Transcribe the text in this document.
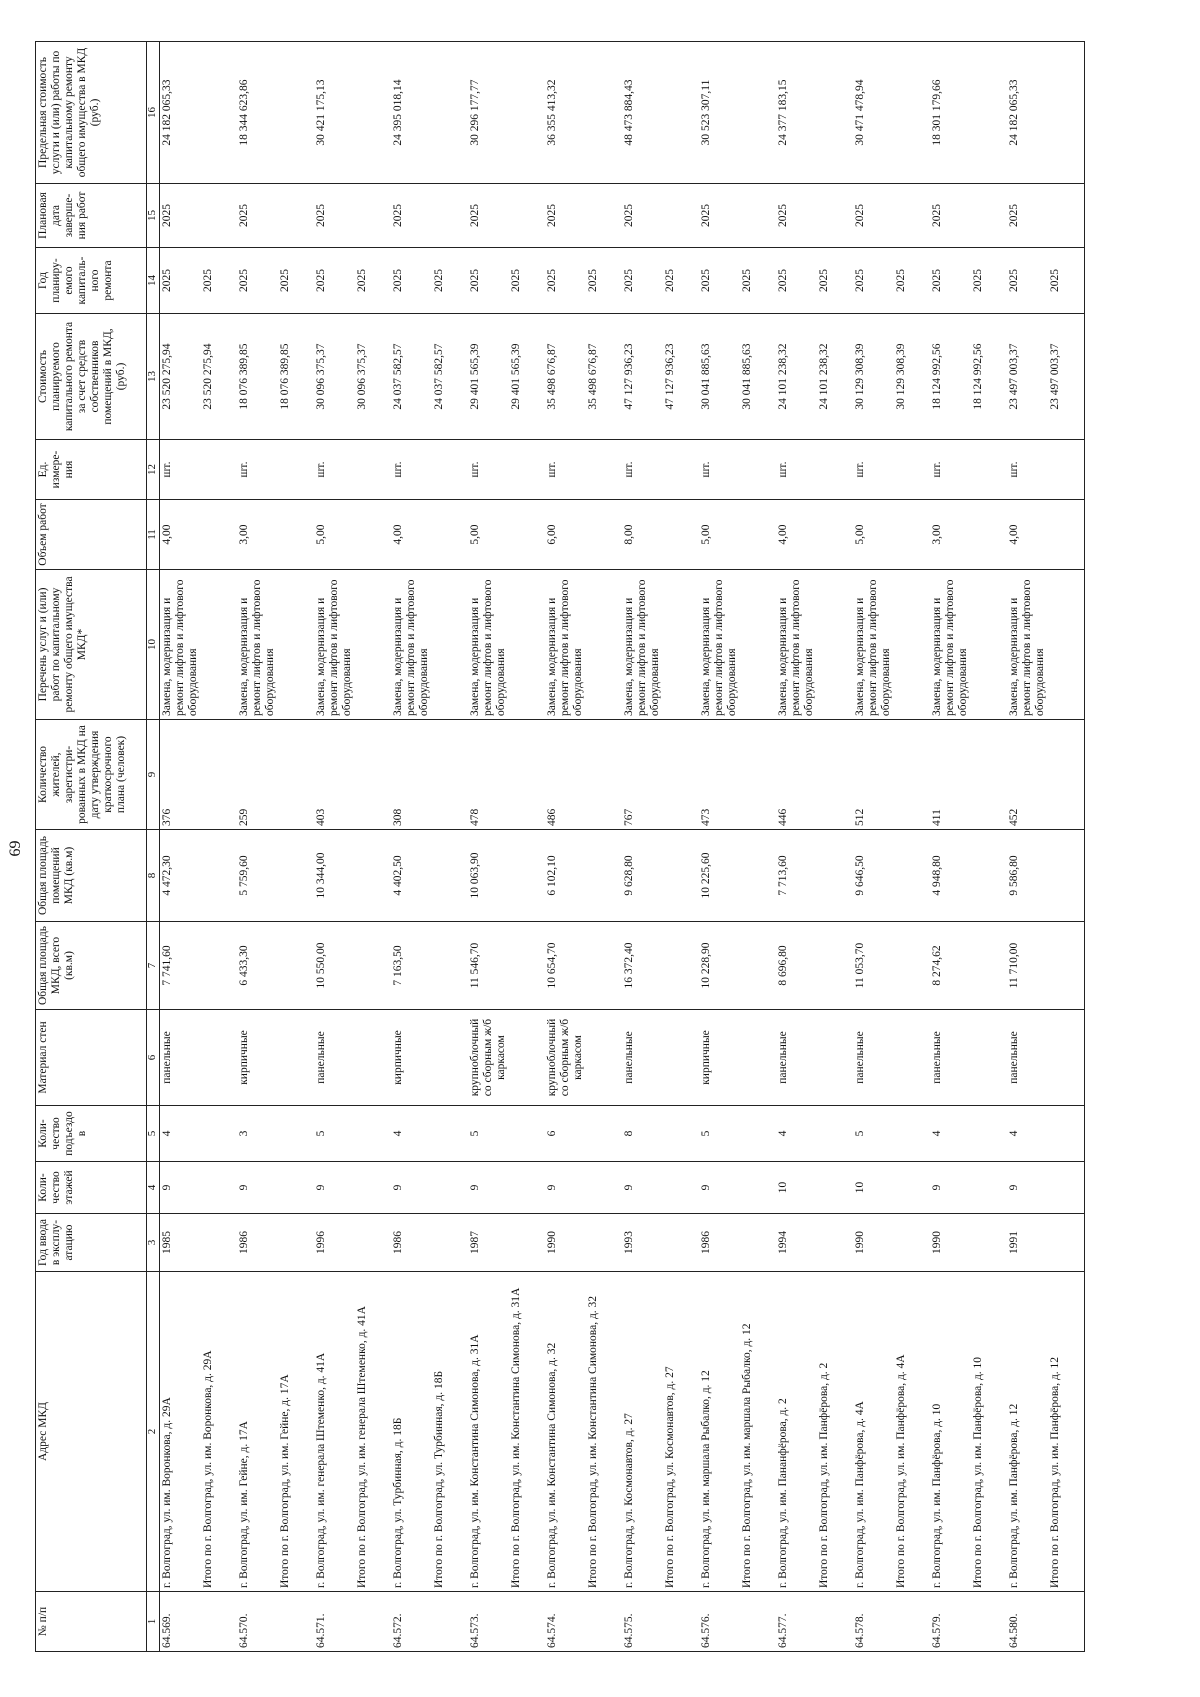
69
№ п/п	Адрес МКД	Год ввода в эксплу-атацию	Коли-чество этажей	Коли-чество подъездо в	Материал стен	Общая площадь МКД, всего (кв.м)	Общая площадь помещений МКД (кв.м)	Количество жителей, зарегистри-рованных в МКД на дату утверждения краткосрочного плана (человек)	Перечень услуг и (или) работ по капитальному ремонту общего имущества МКД*	Объем работ	Ед. измере-ния	Стоимость планируемого капитального ремонта за счет средств собственников помещений в МКД, (руб.)	Год планиру-емого капиталь-ного ремонта	Плановая дата заверше-ния работ	Предельная стоимость услуги и (или) работы по капитальному ремонту общего имущества в МКД (руб.)
1	2	3	4	5	6	7	8	9	10	11	12	13	14	15	16
64.569.	г. Волгоград, ул. им. Воронкова, д. 29А	1985	9	4	панельные	7 741,60	4 472,30	376	Замена, модернизация и ремонт лифтов и лифтового оборудования	4,00	шт.	23 520 275,94	2025	2025	24 182 065,33
	Итого по г. Волгоград, ул. им. Воронкова, д. 29А											23 520 275,94	2025		
64.570.	г. Волгоград, ул. им. Гейне, д. 17А	1986	9	3	кирпичные	6 433,30	5 759,60	259	Замена, модернизация и ремонт лифтов и лифтового оборудования	3,00	шт.	18 076 389,85	2025	2025	18 344 623,86
	Итого по г. Волгоград, ул. им. Гейне, д. 17А											18 076 389,85	2025		
64.571.	г. Волгоград, ул. им. генерала Штеменко, д. 41А	1996	9	5	панельные	10 550,00	10 344,00	403	Замена, модернизация и ремонт лифтов и лифтового оборудования	5,00	шт.	30 096 375,37	2025	2025	30 421 175,13
	Итого по г. Волгоград, ул. им. генерала Штеменко, д. 41А											30 096 375,37	2025		
64.572.	г. Волгоград, ул. Турбинная, д. 18Б	1986	9	4	кирпичные	7 163,50	4 402,50	308	Замена, модернизация и ремонт лифтов и лифтового оборудования	4,00	шт.	24 037 582,57	2025	2025	24 395 018,14
	Итого по г. Волгоград, ул. Турбинная, д. 18Б											24 037 582,57	2025		
64.573.	г. Волгоград, ул. им. Константина Симонова, д. 31А	1987	9	5	крупноблочный со сборным ж/б каркасом	11 546,70	10 063,90	478	Замена, модернизация и ремонт лифтов и лифтового оборудования	5,00	шт.	29 401 565,39	2025	2025	30 296 177,77
	Итого по г. Волгоград, ул. им. Константина Симонова, д. 31А											29 401 565,39	2025		
64.574.	г. Волгоград, ул. им. Константина Симонова, д. 32	1990	9	6	крупноблочный со сборным ж/б каркасом	10 654,70	6 102,10	486	Замена, модернизация и ремонт лифтов и лифтового оборудования	6,00	шт.	35 498 676,87	2025	2025	36 355 413,32
	Итого по г. Волгоград, ул. им. Константина Симонова, д. 32											35 498 676,87	2025		
64.575.	г. Волгоград, ул. Космонавтов, д. 27	1993	9	8	панельные	16 372,40	9 628,80	767	Замена, модернизация и ремонт лифтов и лифтового оборудования	8,00	шт.	47 127 936,23	2025	2025	48 473 884,43
	Итого по г. Волгоград, ул. Космонавтов, д. 27											47 127 936,23	2025		
64.576.	г. Волгоград, ул. им. маршала Рыбалко, д. 12	1986	9	5	кирпичные	10 228,90	10 225,60	473	Замена, модернизация и ремонт лифтов и лифтового оборудования	5,00	шт.	30 041 885,63	2025	2025	30 523 307,11
	Итого по г. Волгоград, ул. им. маршала Рыбалко, д. 12											30 041 885,63	2025		
64.577.	г. Волгоград, ул. им. Пананфёрова, д. 2	1994	10	4	панельные	8 696,80	7 713,60	446	Замена, модернизация и ремонт лифтов и лифтового оборудования	4,00	шт.	24 101 238,32	2025	2025	24 377 183,15
	Итого по г. Волгоград, ул. им. Панфёрова, д. 2											24 101 238,32	2025		
64.578.	г. Волгоград, ул. им. Панфёрова, д. 4А	1990	10	5	панельные	11 053,70	9 646,50	512	Замена, модернизация и ремонт лифтов и лифтового оборудования	5,00	шт.	30 129 308,39	2025	2025	30 471 478,94
	Итого по г. Волгоград, ул. им. Панфёрова, д. 4А											30 129 308,39	2025		
64.579.	г. Волгоград, ул. им. Панфёрова, д. 10	1990	9	4	панельные	8 274,62	4 948,80	411	Замена, модернизация и ремонт лифтов и лифтового оборудования	3,00	шт.	18 124 992,56	2025	2025	18 301 179,66
	Итого по г. Волгоград, ул. им. Панфёрова, д. 10											18 124 992,56	2025		
64.580.	г. Волгоград, ул. им. Панфёрова, д. 12	1991	9	4	панельные	11 710,00	9 586,80	452	Замена, модернизация и ремонт лифтов и лифтового оборудования	4,00	шт.	23 497 003,37	2025	2025	24 182 065,33
	Итого по г. Волгоград, ул. им. Панфёрова, д. 12											23 497 003,37	2025		
